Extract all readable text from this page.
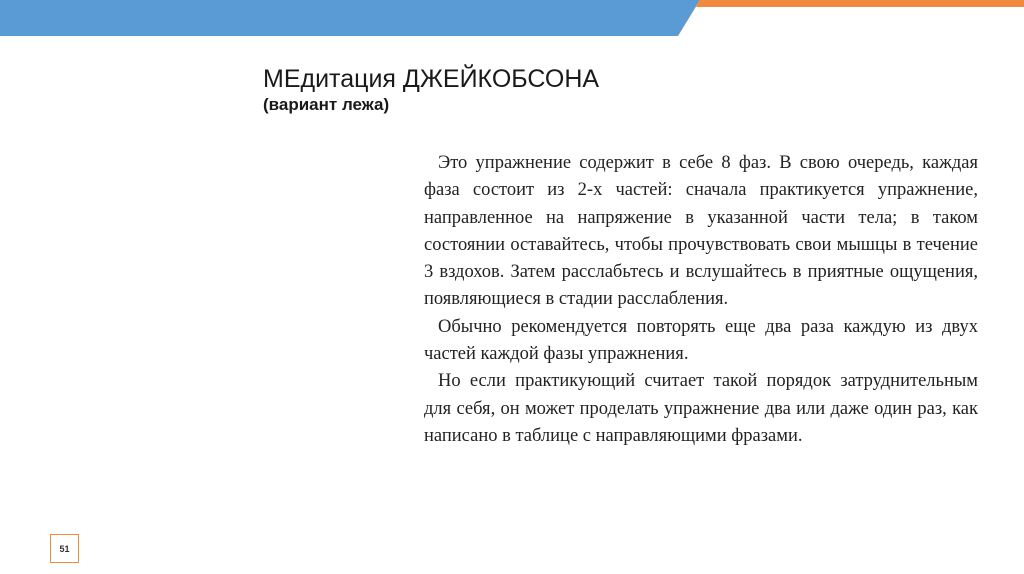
МЕдитация ДЖЕЙКОБСОНА
(вариант лежа)

Это упражнение содержит в себе 8 фаз. В свою очередь, каждая фаза состоит из 2-х частей: сначала практикуется упражнение, направленное на напряжение в указанной части тела; в таком состоянии оставайтесь, чтобы прочувствовать свои мышцы в течение 3 вздохов. Затем расслабьтесь и вслушайтесь в приятные ощущения, появляющиеся в стадии расслабления.

Обычно рекомендуется повторять еще два раза каждую из двух частей каждой фазы упражнения.

Но если практикующий считает такой порядок затруднительным для себя, он может проделать упражнение два или даже один раз, как написано в таблице с направляющими фразами.

51
